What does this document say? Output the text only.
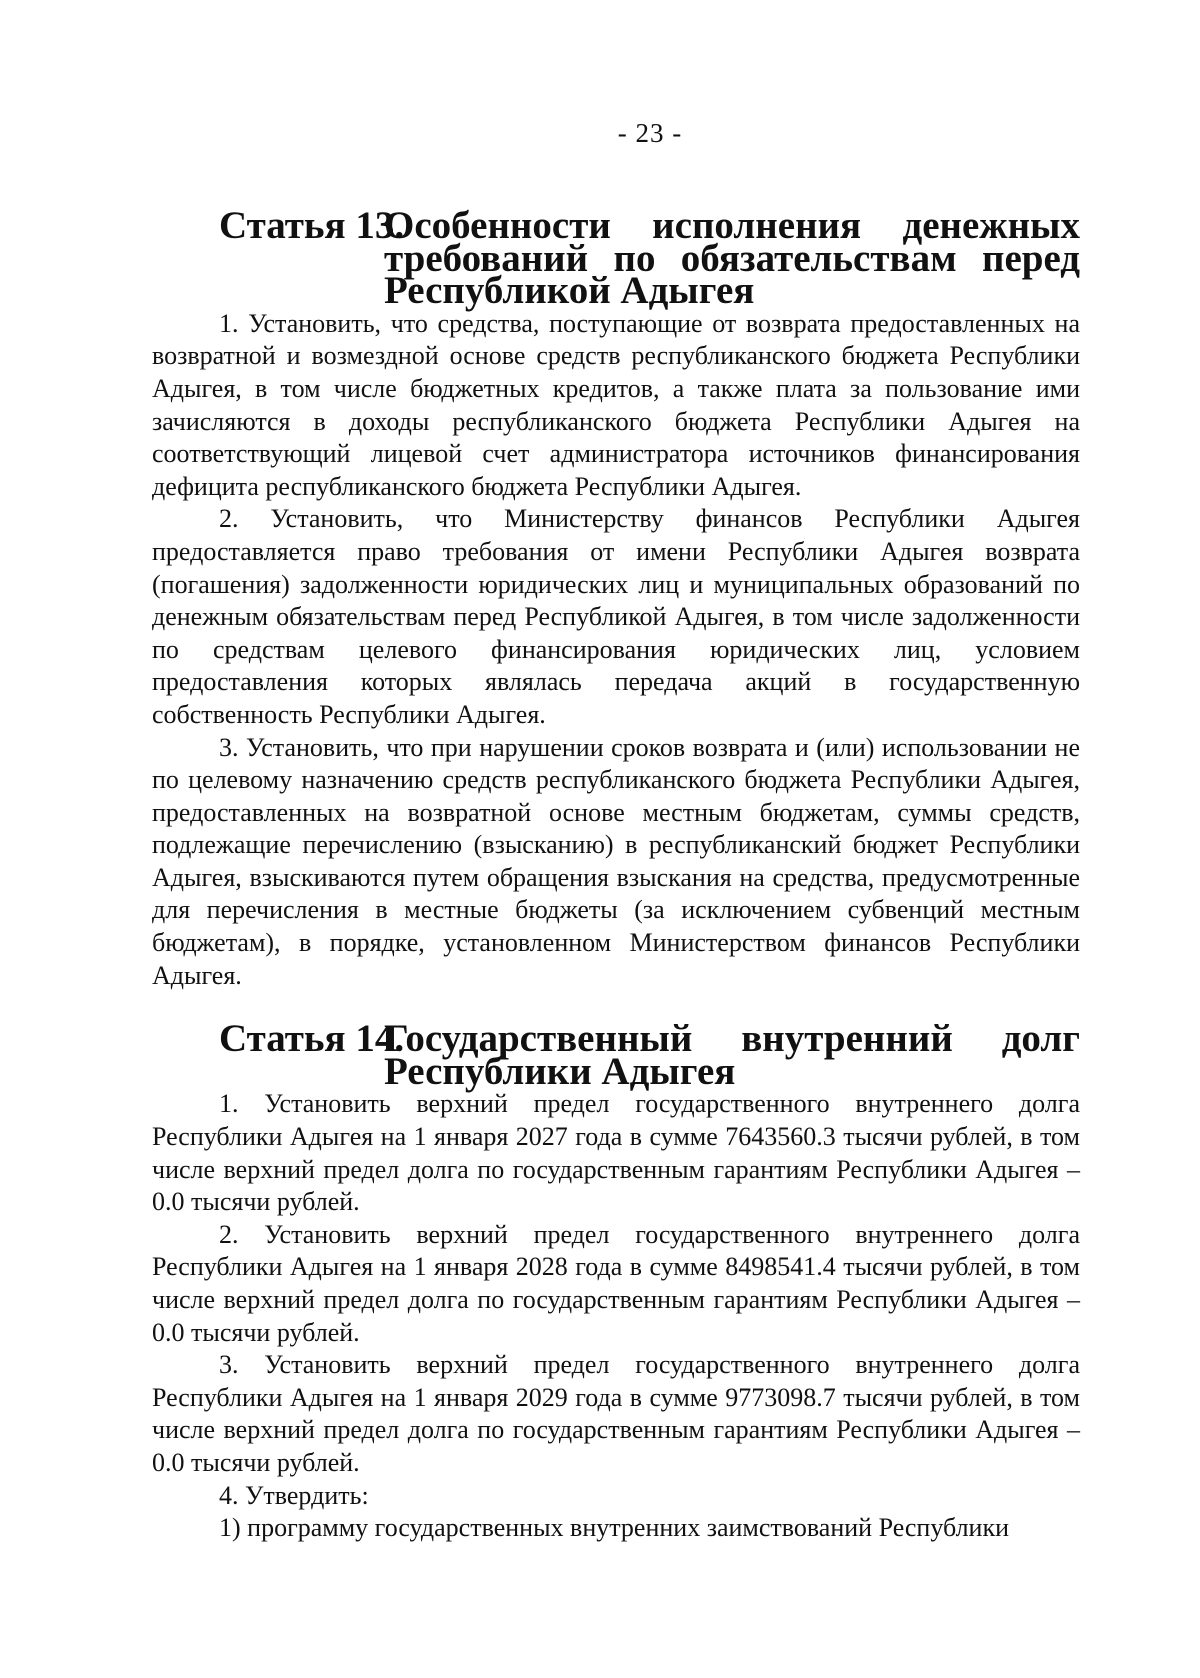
- 23 -
Статья 13.
Особенности исполнения денежных требований по обязательствам перед Республикой Адыгея

1. Установить, что средства, поступающие от возврата предоставленных на возвратной и возмездной основе средств республиканского бюджета Республики Адыгея, в том числе бюджетных кредитов, а также плата за пользование ими зачисляются в доходы республиканского бюджета Республики Адыгея на соответствующий лицевой счет администратора источников финансирования дефицита республиканского бюджета Республики Адыгея.

2. Установить, что Министерству финансов Республики Адыгея предоставляется право требования от имени Республики Адыгея возврата (погашения) задолженности юридических лиц и муниципальных образований по денежным обязательствам перед Республикой Адыгея, в том числе задолженности по средствам целевого финансирования юридических лиц, условием предоставления которых являлась передача акций в государственную собственность Республики Адыгея.

3. Установить, что при нарушении сроков возврата и (или) использовании не по целевому назначению средств республиканского бюджета Республики Адыгея, предоставленных на возвратной основе местным бюджетам, суммы средств, подлежащие перечислению (взысканию) в республиканский бюджет Республики Адыгея, взыскиваются путем обращения взыскания на средства, предусмотренные для перечисления в местные бюджеты (за исключением субвенций местным бюджетам), в порядке, установленном Министерством финансов Республики Адыгея.

Статья 14.
Государственный внутренний долг Республики Адыгея

1. Установить верхний предел государственного внутреннего долга Республики Адыгея на 1 января 2027 года в сумме 7643560.3 тысячи рублей, в том числе верхний предел долга по государственным гарантиям Республики Адыгея – 0.0 тысячи рублей.

2. Установить верхний предел государственного внутреннего долга Республики Адыгея на 1 января 2028 года в сумме 8498541.4 тысячи рублей, в том числе верхний предел долга по государственным гарантиям Республики Адыгея – 0.0 тысячи рублей.

3. Установить верхний предел государственного внутреннего долга Республики Адыгея на 1 января 2029 года в сумме 9773098.7 тысячи рублей, в том числе верхний предел долга по государственным гарантиям Республики Адыгея – 0.0 тысячи рублей.

4. Утвердить:

1) программу государственных внутренних заимствований Республики
